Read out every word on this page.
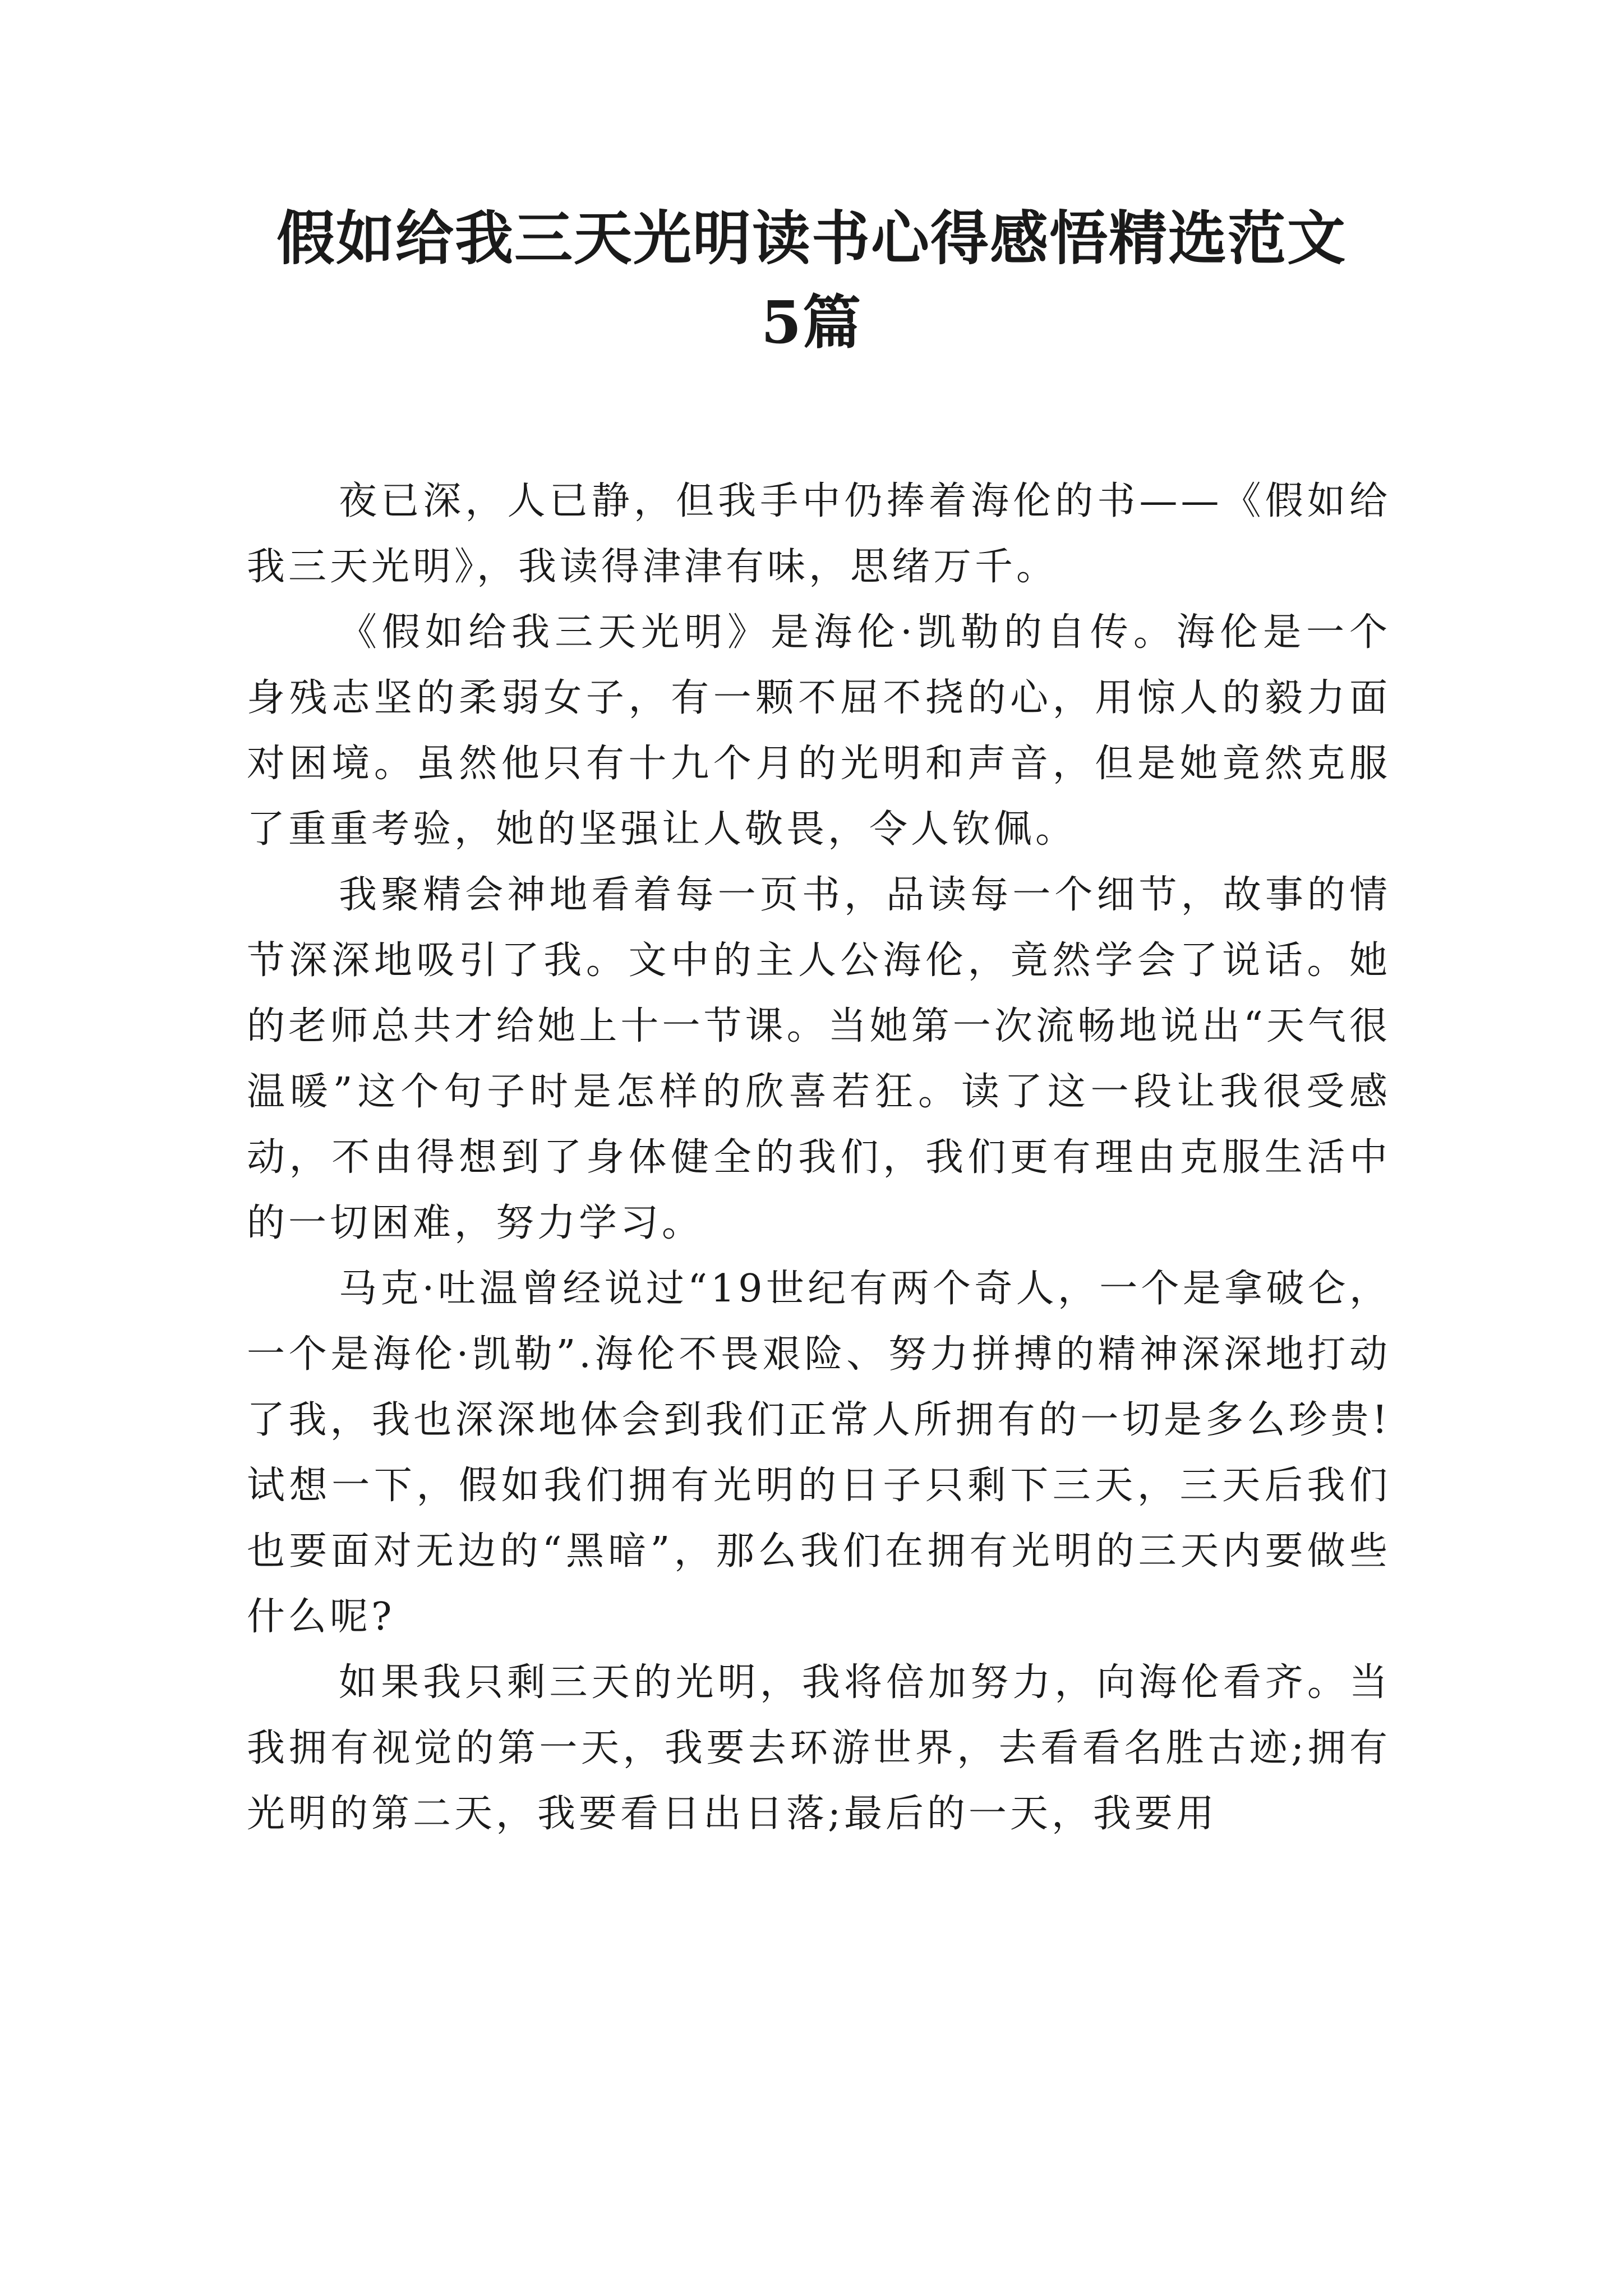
假如给我三天光明读书心得感悟精选范文
5篇

夜已深，人已静，但我手中仍捧着海伦的书——《假如给我三天光明》，我读得津津有味，思绪万千。

《假如给我三天光明》是海伦·凯勒的自传。海伦是一个身残志坚的柔弱女子，有一颗不屈不挠的心，用惊人的毅力面对困境。虽然他只有十九个月的光明和声音，但是她竟然克服了重重考验，她的坚强让人敬畏，令人钦佩。

我聚精会神地看着每一页书，品读每一个细节，故事的情节深深地吸引了我。文中的主人公海伦，竟然学会了说话。她的老师总共才给她上十一节课。当她第一次流畅地说出“天气很温暖”这个句子时是怎样的欣喜若狂。读了这一段让我很受感动，不由得想到了身体健全的我们，我们更有理由克服生活中的一切困难，努力学习。

马克·吐温曾经说过“19世纪有两个奇人，一个是拿破仑，一个是海伦·凯勒”.海伦不畏艰险、努力拼搏的精神深深地打动了我，我也深深地体会到我们正常人所拥有的一切是多么珍贵!试想一下，假如我们拥有光明的日子只剩下三天，三天后我们也要面对无边的“黑暗”，那么我们在拥有光明的三天内要做些什么呢?

如果我只剩三天的光明，我将倍加努力，向海伦看齐。当我拥有视觉的第一天，我要去环游世界，去看看名胜古迹;拥有光明的第二天，我要看日出日落;最后的一天，我要用
